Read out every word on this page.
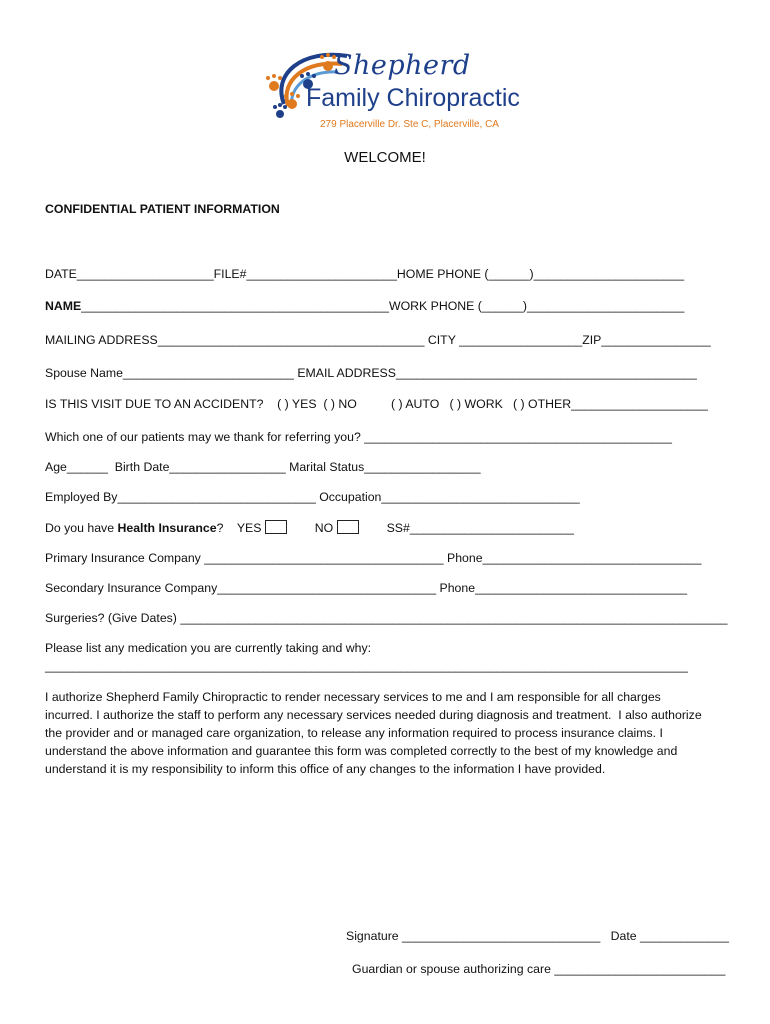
Shepherd
Family Chiropractic
279 Placerville Dr. Ste C, Placerville, CA
WELCOME!
CONFIDENTIAL PATIENT INFORMATION
DATE____________________FILE#______________________HOME PHONE (______)______________________
NAME_____________________________________________WORK PHONE (______)_______________________
MAILING ADDRESS_______________________________________ CITY __________________ZIP________________
Spouse Name_________________________ EMAIL ADDRESS____________________________________________
IS THIS VISIT DUE TO AN ACCIDENT?    ( ) YES  ( ) NO          ( ) AUTO   ( ) WORK   ( ) OTHER____________________
Which one of our patients may we thank for referring you? _____________________________________________
Age______  Birth Date_________________ Marital Status_________________
Employed By_____________________________ Occupation_____________________________
Do you have Health Insurance?    YES	NO	SS#________________________
Primary Insurance Company ___________________________________ Phone________________________________
Secondary Insurance Company________________________________ Phone_______________________________
Surgeries? (Give Dates) ________________________________________________________________________________
Please list any medication you are currently taking and why:
______________________________________________________________________________________________
I authorize Shepherd Family Chiropractic to render necessary services to me and I am responsible for all charges
incurred. I authorize the staff to perform any necessary services needed during diagnosis and treatment.  I also authorize
the provider and or managed care organization, to release any information required to process insurance claims. I
understand the above information and guarantee this form was completed correctly to the best of my knowledge and
understand it is my responsibility to inform this office of any changes to the information I have provided.
Signature _____________________________   Date _____________
Guardian or spouse authorizing care _________________________
